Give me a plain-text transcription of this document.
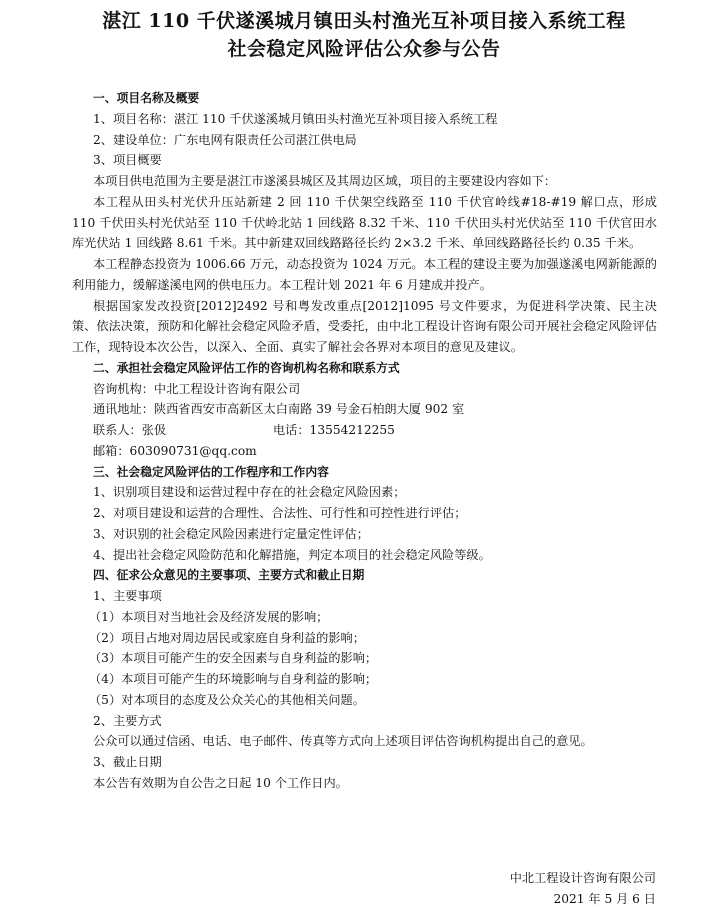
湛江 110 千伏遂溪城月镇田头村渔光互补项目接入系统工程
社会稳定风险评估公众参与公告

一、项目名称及概要

1、项目名称：湛江 110 千伏遂溪城月镇田头村渔光互补项目接入系统工程

2、建设单位：广东电网有限责任公司湛江供电局

3、项目概要

本项目供电范围为主要是湛江市遂溪县城区及其周边区域，项目的主要建设内容如下：

本工程从田头村光伏升压站新建 2 回 110 千伏架空线路至 110 千伏官岭线#18-#19 解口点，形成 110 千伏田头村光伏站至 110 千伏岭北站 1 回线路 8.32 千米、110 千伏田头村光伏站至 110 千伏官田水库光伏站 1 回线路 8.61 千米。其中新建双回线路路径长约 2×3.2 千米、单回线路路径长约 0.35 千米。

本工程静态投资为 1006.66 万元，动态投资为 1024 万元。本工程的建设主要为加强遂溪电网新能源的利用能力，缓解遂溪电网的供电压力。本工程计划 2021 年 6 月建成并投产。

根据国家发改投资[2012]2492 号和粤发改重点[2012]1095 号文件要求，为促进科学决策、民主决策、依法决策，预防和化解社会稳定风险矛盾，受委托，由中北工程设计咨询有限公司开展社会稳定风险评估工作，现特设本次公告，以深入、全面、真实了解社会各界对本项目的意见及建议。

二、承担社会稳定风险评估工作的咨询机构名称和联系方式

咨询机构：中北工程设计咨询有限公司

通讯地址：陕西省西安市高新区太白南路 39 号金石柏朗大厦 902 室

联系人：张伋	电话：13554212255

邮箱：603090731@qq.com

三、社会稳定风险评估的工作程序和工作内容

1、识别项目建设和运营过程中存在的社会稳定风险因素；

2、对项目建设和运营的合理性、合法性、可行性和可控性进行评估；

3、对识别的社会稳定风险因素进行定量定性评估；

4、提出社会稳定风险防范和化解措施，判定本项目的社会稳定风险等级。

四、征求公众意见的主要事项、主要方式和截止日期

1、主要事项

（1）本项目对当地社会及经济发展的影响；

（2）项目占地对周边居民或家庭自身利益的影响；

（3）本项目可能产生的安全因素与自身利益的影响；

（4）本项目可能产生的环境影响与自身利益的影响；

（5）对本项目的态度及公众关心的其他相关问题。

2、主要方式

公众可以通过信函、电话、电子邮件、传真等方式向上述项目评估咨询机构提出自己的意见。

3、截止日期

本公告有效期为自公告之日起 10 个工作日内。

中北工程设计咨询有限公司
2021 年 5 月 6 日
